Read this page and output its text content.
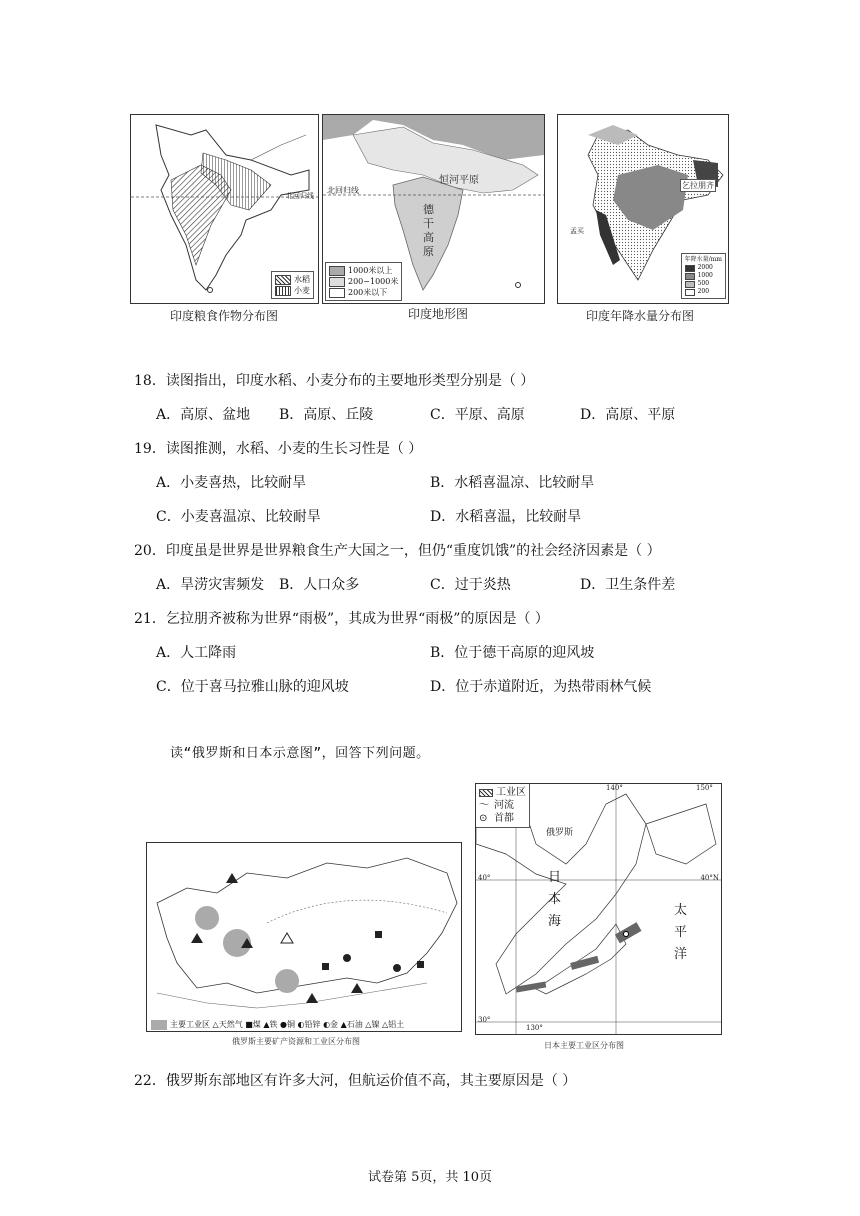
北回归线
水稻
小麦
印度粮食作物分布图
恒河平原
北回归线
德
干
高
原
1000米以上
200~1000米
200米以下
印度地形图
乞拉朋齐
孟买
年降水量/mm
2000
1000
500
200
印度年降水量分布图
18．读图指出，印度水稻、小麦分布的主要地形类型分别是（ ）
A．高原、盆地 B．高原、丘陵	C．平原、高原	D．高原、平原
19．读图推测，水稻、小麦的生长习性是（ ）
A．小麦喜热，比较耐旱	B．水稻喜温凉、比较耐旱
C．小麦喜温凉、比较耐旱	D．水稻喜温，比较耐旱
20．印度虽是世界是世界粮食生产大国之一，但仍“重度饥饿”的社会经济因素是（ ）
A．旱涝灾害频发 B．人口众多	C．过于炎热	D．卫生条件差
21．乞拉朋齐被称为世界“雨极”，其成为世界“雨极”的原因是（ ）
A．人工降雨	B．位于德干高原的迎风坡
C．位于喜马拉雅山脉的迎风坡	D．位于赤道附近，为热带雨林气候
读“俄罗斯和日本示意图”，回答下列问题。
主要工业区 △天然气 ■煤 ▲铁 ●铜 ◐铅锌 ◐金 ▲石油 △镍 △铝土
俄罗斯主要矿产资源和工业区分布图
工业区
〜 河流
⊙ 首都
俄罗斯
日
本
海
太
平
洋
40°	40°N
30°
130°
140°	150°
日本主要工业区分布图
22．俄罗斯东部地区有许多大河，但航运价值不高，其主要原因是（ ）
试卷第 5页，共 10页
